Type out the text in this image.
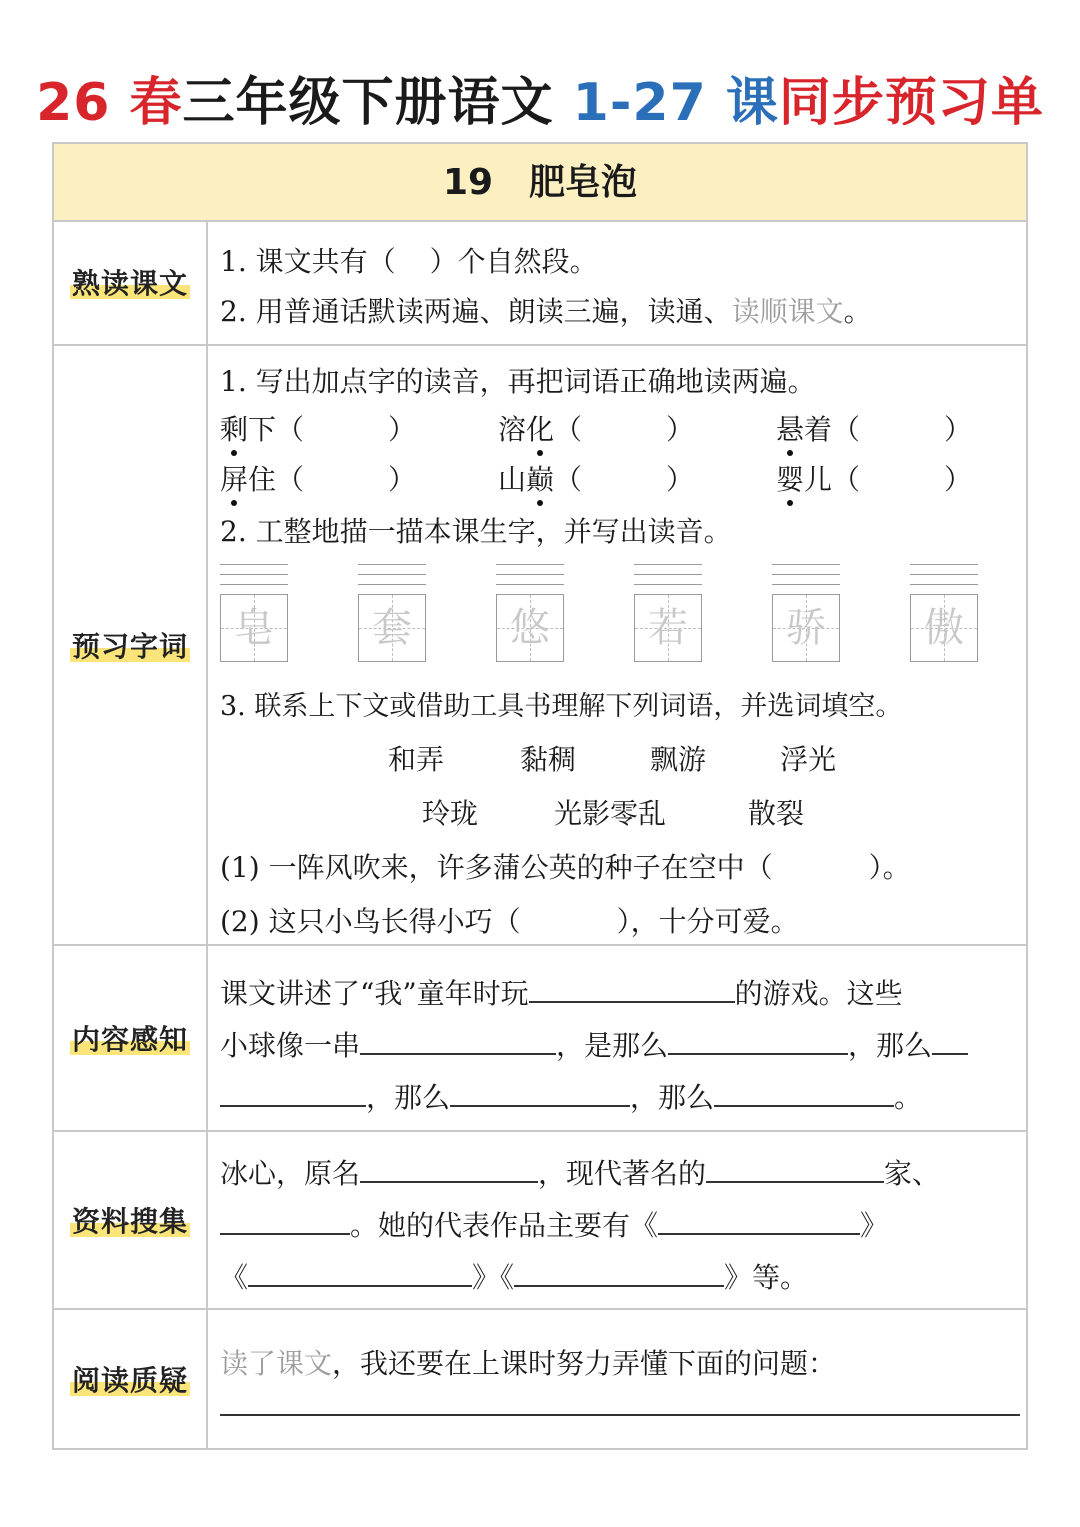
26 春三年级下册语文 1-27 课同步预习单
19 肥皂泡
熟读课文
1. 课文共有（ ）个自然段。
2. 用普通话默读两遍、朗读三遍，读通、读顺课文。
预习字词
1. 写出加点字的读音，再把词语正确地读两遍。
剩下（　　　）	溶化（　　　）	悬着（　　　）
屏住（　　　）	山巅（　　　）	婴儿（　　　）
2. 工整地描一描本课生字，并写出读音。
皂	套	悠	若	骄	傲
3. 联系上下文或借助工具书理解下列词语，并选词填空。
和弄	黏稠	飘游	浮光
玲珑	光影零乱	散裂
(1) 一阵风吹来，许多蒲公英的种子在空中（	）。
(2) 这只小鸟长得小巧（	），十分可爱。
内容感知
课文讲述了“我”童年时玩	的游戏。这些
小球像一串	，是那么	，那么
，那么	，那么	。
资料搜集
冰心，原名	，现代著名的	家、
。她的代表作品主要有《	》
《	》《	》等。
阅读质疑
读了课文，我还要在上课时努力弄懂下面的问题：
